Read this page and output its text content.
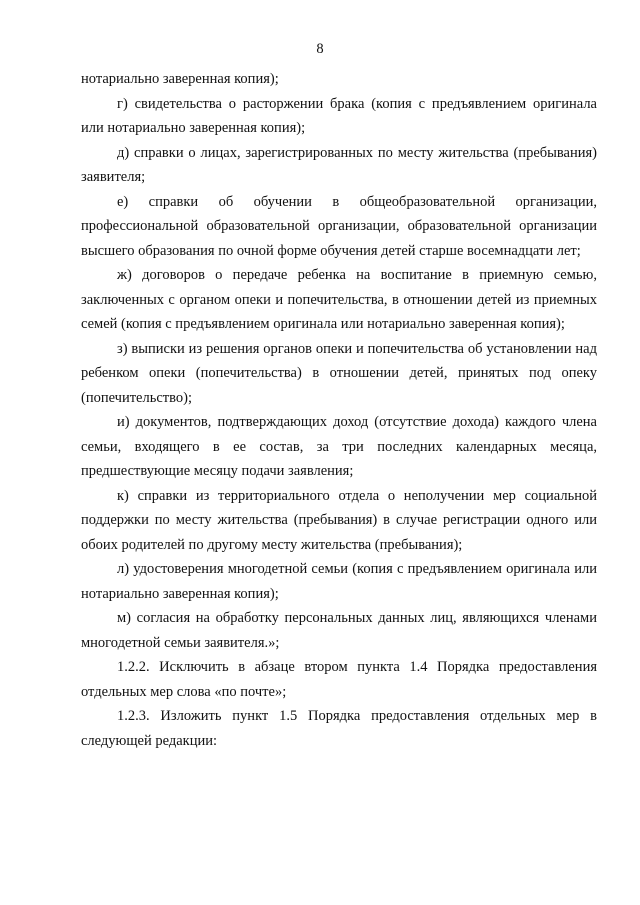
8

нотариально заверенная копия);

г) свидетельства о расторжении брака (копия с предъявлением оригинала или нотариально заверенная копия);

д) справки о лицах, зарегистрированных по месту жительства (пребывания) заявителя;

е) справки об обучении в общеобразовательной организации, профессиональной образовательной организации, образовательной организации высшего образования по очной форме обучения детей старше восемнадцати лет;

ж) договоров о передаче ребенка на воспитание в приемную семью, заключенных с органом опеки и попечительства, в отношении детей из приемных семей (копия с предъявлением оригинала или нотариально заверенная копия);

з) выписки из решения органов опеки и попечительства об установлении над ребенком опеки (попечительства) в отношении детей, принятых под опеку (попечительство);

и) документов, подтверждающих доход (отсутствие дохода) каждого члена семьи, входящего в ее состав, за три последних календарных месяца, предшествующие месяцу подачи заявления;

к) справки из территориального отдела о неполучении мер социальной поддержки по месту жительства (пребывания) в случае регистрации одного или обоих родителей по другому месту жительства (пребывания);

л) удостоверения многодетной семьи (копия с предъявлением оригинала или нотариально заверенная копия);

м) согласия на обработку персональных данных лиц, являющихся членами многодетной семьи заявителя.»;

1.2.2. Исключить в абзаце втором пункта 1.4 Порядка предоставления отдельных мер слова «по почте»;

1.2.3. Изложить пункт 1.5 Порядка предоставления отдельных мер в следующей редакции:
